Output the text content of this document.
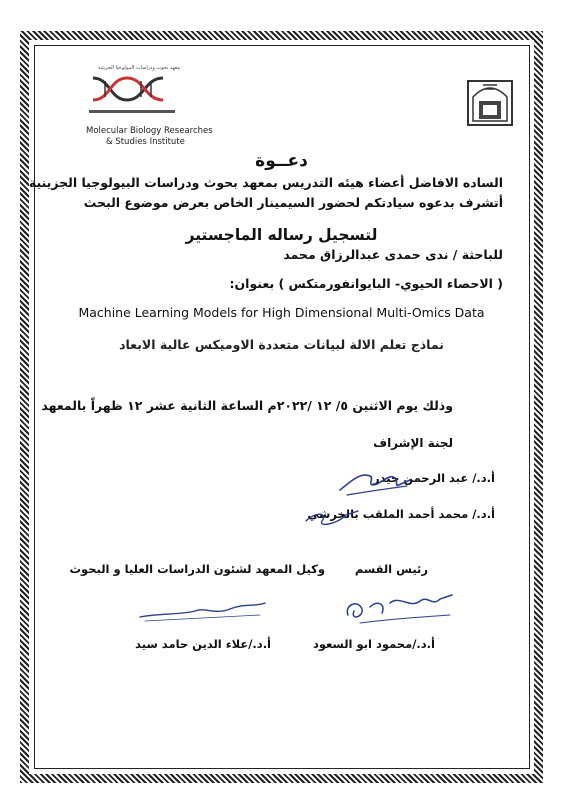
معهد بحوث ودراسات البيولوجيا الجزيئية
Molecular Biology Researches
& Studies Institute
دعــوة
الساده الافاضل أعضاء هيئه التدريس بمعهد بحوث ودراسات البيولوجيا الجزينية
أتشرف بدعوه سيادتكم لحضور السيمينار الخاص بعرض موضوع البحث
لتسجيل رساله الماجستير
للباحثة / ندى حمدى عبدالرزاق محمد
( الاحصاء الحيوي- البايوانفورمتكس ) بعنوان:
Machine Learning Models for High Dimensional Multi-Omics Data
نماذج تعلم الالة لبيانات متعددة الاوميكس عالية الابعاد
وذلك يوم الاثنين ٥/ ١٢ /٢٠٢٢م الساعة الثانية عشر ١٢ ظهراً بالمعهد
لجنة الإشراف
أ.د./ عبد الرحمن حيدر
أ.د./ محمد أحمد الملقب بالخرشي
رئيس القسم
وكيل المعهد لشئون الدراسات العليا و البحوث
أ.د./محمود ابو السعود
أ.د./علاء الدين حامد سيد
